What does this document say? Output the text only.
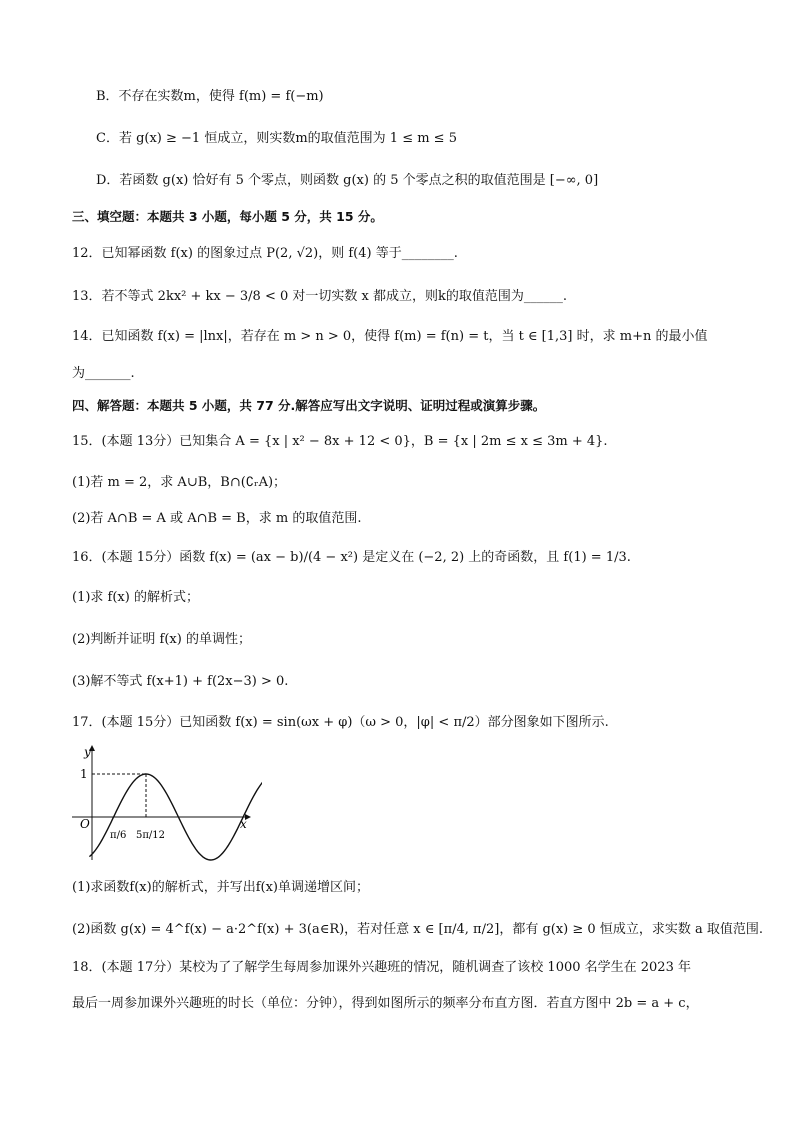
B．不存在实数m，使得 f(m) = f(−m)
C．若 g(x) ≥ −1 恒成立，则实数m的取值范围为 1 ≤ m ≤ 5
D．若函数 g(x) 恰好有 5 个零点，则函数 g(x) 的 5 个零点之积的取值范围是 [−∞, 0]
三、填空题：本题共 3 小题，每小题 5 分，共 15 分。
12．已知幂函数 f(x) 的图象过点 P(2, √2)，则 f(4) 等于________.
13．若不等式 2kx² + kx − 3/8 < 0 对一切实数 x 都成立，则k的取值范围为______.
14．已知函数 f(x) = |lnx|，若存在 m > n > 0，使得 f(m) = f(n) = t，当 t ∈ [1,3] 时，求 m+n 的最小值
为_______.
四、解答题：本题共 5 小题，共 77 分.解答应写出文字说明、证明过程或演算步骤。
15．(本题 13分）已知集合 A = {x | x² − 8x + 12 < 0}，B = {x | 2m ≤ x ≤ 3m + 4}.
(1)若 m = 2，求 A∪B，B∩(∁ᵣA)；
(2)若 A∩B = A 或 A∩B = B，求 m 的取值范围.
16．(本题 15分）函数 f(x) = (ax − b)/(4 − x²) 是定义在 (−2, 2) 上的奇函数，且 f(1) = 1/3.
(1)求 f(x) 的解析式；
(2)判断并证明 f(x) 的单调性；
(3)解不等式 f(x+1) + f(2x−3) > 0.
17．(本题 15分）已知函数 f(x) = sin(ωx + φ)（ω > 0，|φ| < π/2）部分图象如下图所示.
y
x
O
1
π/6 5π/12
(1)求函数f(x)的解析式，并写出f(x)单调递增区间；
(2)函数 g(x) = 4^f(x) − a·2^f(x) + 3(a∈R)，若对任意 x ∈ [π/4, π/2]，都有 g(x) ≥ 0 恒成立，求实数 a 取值范围.
18．(本题 17分）某校为了了解学生每周参加课外兴趣班的情况，随机调查了该校 1000 名学生在 2023 年
最后一周参加课外兴趣班的时长（单位：分钟），得到如图所示的频率分布直方图．若直方图中 2b = a + c，
